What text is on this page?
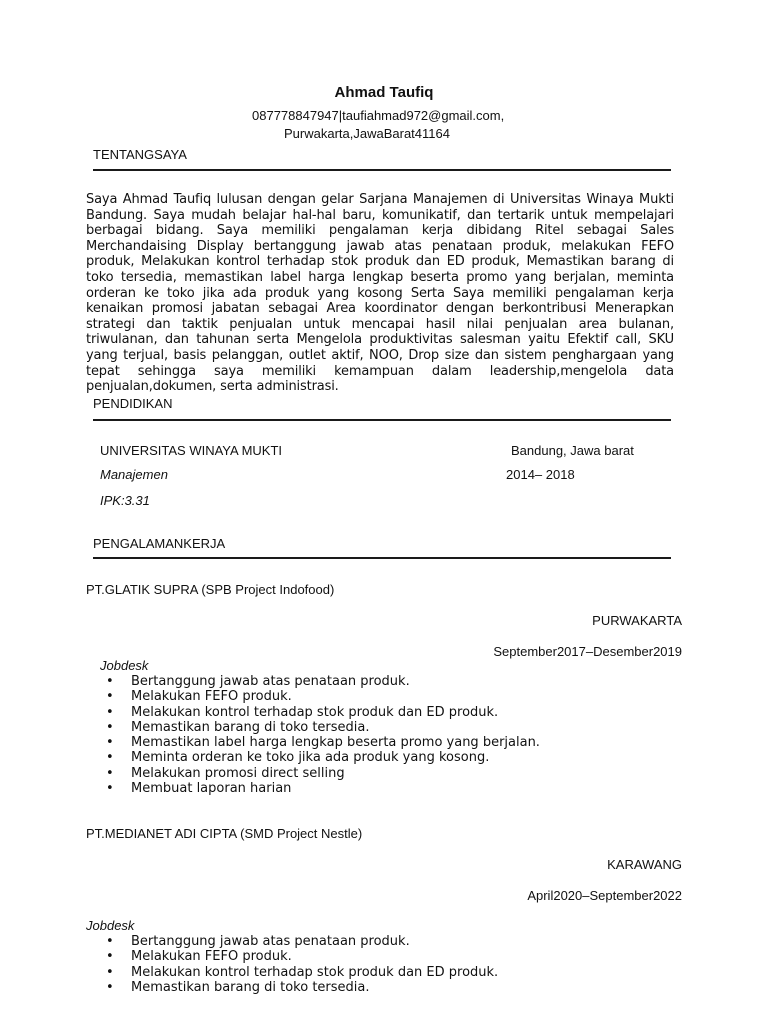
Ahmad Taufiq
087778847947|taufiahmad972@gmail.com,
Purwakarta,JawaBarat41164
TENTANGSAYA
Saya Ahmad Taufiq lulusan dengan gelar Sarjana Manajemen di Universitas Winaya Mukti Bandung. Saya mudah belajar hal-hal baru, komunikatif, dan tertarik untuk mempelajari berbagai bidang. Saya memiliki pengalaman kerja dibidang Ritel sebagai Sales Merchandaising Display bertanggung jawab atas penataan produk, melakukan FEFO produk, Melakukan kontrol terhadap stok produk dan ED produk, Memastikan barang di toko tersedia, memastikan label harga lengkap beserta promo yang berjalan, meminta orderan ke toko jika ada produk yang kosong Serta Saya memiliki pengalaman kerja kenaikan promosi jabatan sebagai Area koordinator dengan berkontribusi Menerapkan strategi dan taktik penjualan untuk mencapai hasil nilai penjualan area bulanan, triwulanan, dan tahunan serta Mengelola produktivitas salesman yaitu Efektif call, SKU yang terjual, basis pelanggan, outlet aktif, NOO, Drop size dan sistem penghargaan yang tepat sehingga saya memiliki kemampuan dalam leadership,mengelola data penjualan,dokumen, serta administrasi.
PENDIDIKAN
UNIVERSITAS WINAYA MUKTI	Bandung, Jawa barat
Manajemen	2014– 2018
IPK:3.31
PENGALAMANKERJA
PT.GLATIK SUPRA (SPB Project Indofood)
PURWAKARTA
September2017–Desember2019
Jobdesk
• Bertanggung jawab atas penataan produk.
• Melakukan FEFO produk.
• Melakukan kontrol terhadap stok produk dan ED produk.
• Memastikan barang di toko tersedia.
• Memastikan label harga lengkap beserta promo yang berjalan.
• Meminta orderan ke toko jika ada produk yang kosong.
• Melakukan promosi direct selling
• Membuat laporan harian
PT.MEDIANET ADI CIPTA (SMD Project Nestle)
KARAWANG
April2020–September2022
Jobdesk
• Bertanggung jawab atas penataan produk.
• Melakukan FEFO produk.
• Melakukan kontrol terhadap stok produk dan ED produk.
• Memastikan barang di toko tersedia.
